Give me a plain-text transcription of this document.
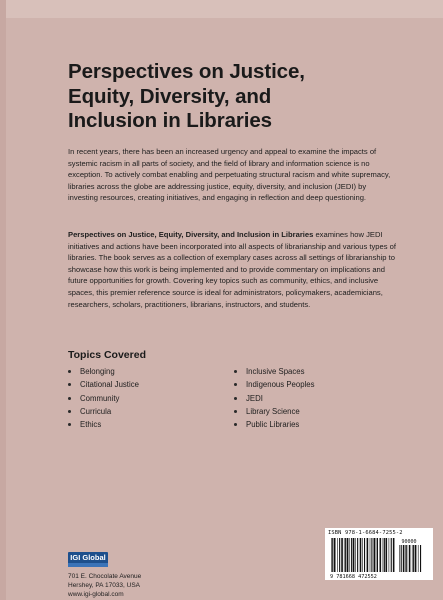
Perspectives on Justice,
Equity, Diversity, and
Inclusion in Libraries

In recent years, there has been an increased urgency and appeal to examine the impacts of systemic racism in all parts of society, and the field of library and information science is no exception. To actively combat enabling and perpetuating structural racism and white supremacy, libraries across the globe are addressing justice, equity, diversity, and inclusion (JEDI) by investing resources, creating initiatives, and engaging in reflection and deep questioning.

Perspectives on Justice, Equity, Diversity, and Inclusion in Libraries examines how JEDI initiatives and actions have been incorporated into all aspects of librarianship and various types of libraries. The book serves as a collection of exemplary cases across all settings of librarianship to showcase how this work is being implemented and to provide commentary on implications and future opportunities for growth. Covering key topics such as community, ethics, and inclusive spaces, this premier reference source is ideal for administrators, policymakers, academicians, researchers, scholars, practitioners, librarians, instructors, and students.

Topics Covered
Belonging
Citational Justice
Community
Curricula
Ethics
Inclusive Spaces
Indigenous Peoples
JEDI
Library Science
Public Libraries
IGI Global

701 E. Chocolate Avenue
Hershey, PA 17033, USA
www.igi-global.com

ISBN 978-1-6684-7255-2
90000
9 781668 472552
